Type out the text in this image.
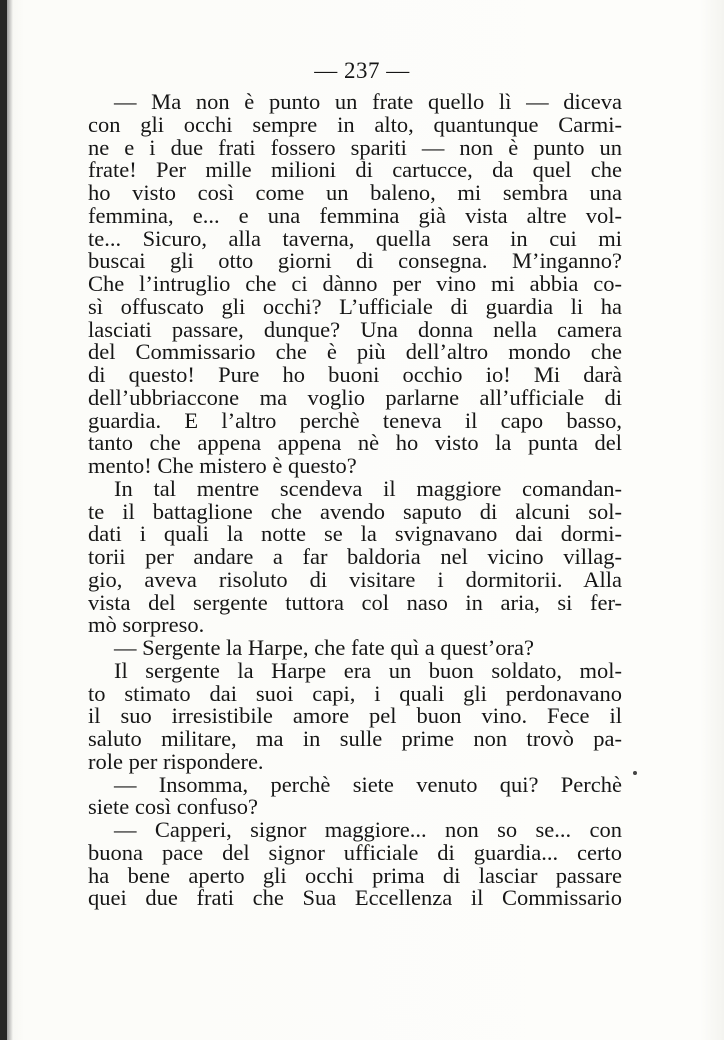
— 237 —
— Ma non è punto un frate quello lì — diceva
con gli occhi sempre in alto, quantunque Carmi-
ne e i due frati fossero spariti — non è punto un
frate! Per mille milioni di cartucce, da quel che
ho visto così come un baleno, mi sembra una
femmina, e... e una femmina già vista altre vol-
te... Sicuro, alla taverna, quella sera in cui mi
buscai gli otto giorni di consegna. M’inganno?
Che l’intruglio che ci dànno per vino mi abbia co-
sì offuscato gli occhi? L’ufficiale di guardia li ha
lasciati passare, dunque? Una donna nella camera
del Commissario che è più dell’altro mondo che
di questo! Pure ho buoni occhio io! Mi darà
dell’ubbriaccone ma voglio parlarne all’ufficiale di
guardia. E l’altro perchè teneva il capo basso,
tanto che appena appena nè ho visto la punta del
mento! Che mistero è questo?
In tal mentre scendeva il maggiore comandan-
te il battaglione che avendo saputo di alcuni sol-
dati i quali la notte se la svignavano dai dormi-
torii per andare a far baldoria nel vicino villag-
gio, aveva risoluto di visitare i dormitorii. Alla
vista del sergente tuttora col naso in aria, si fer-
mò sorpreso.
— Sergente la Harpe, che fate quì a quest’ora?
Il sergente la Harpe era un buon soldato, mol-
to stimato dai suoi capi, i quali gli perdonavano
il suo irresistibile amore pel buon vino. Fece il
saluto militare, ma in sulle prime non trovò pa-
role per rispondere.
— Insomma, perchè siete venuto qui? Perchè
siete così confuso?
— Capperi, signor maggiore... non so se... con
buona pace del signor ufficiale di guardia... certo
ha bene aperto gli occhi prima di lasciar passare
quei due frati che Sua Eccellenza il Commissario
